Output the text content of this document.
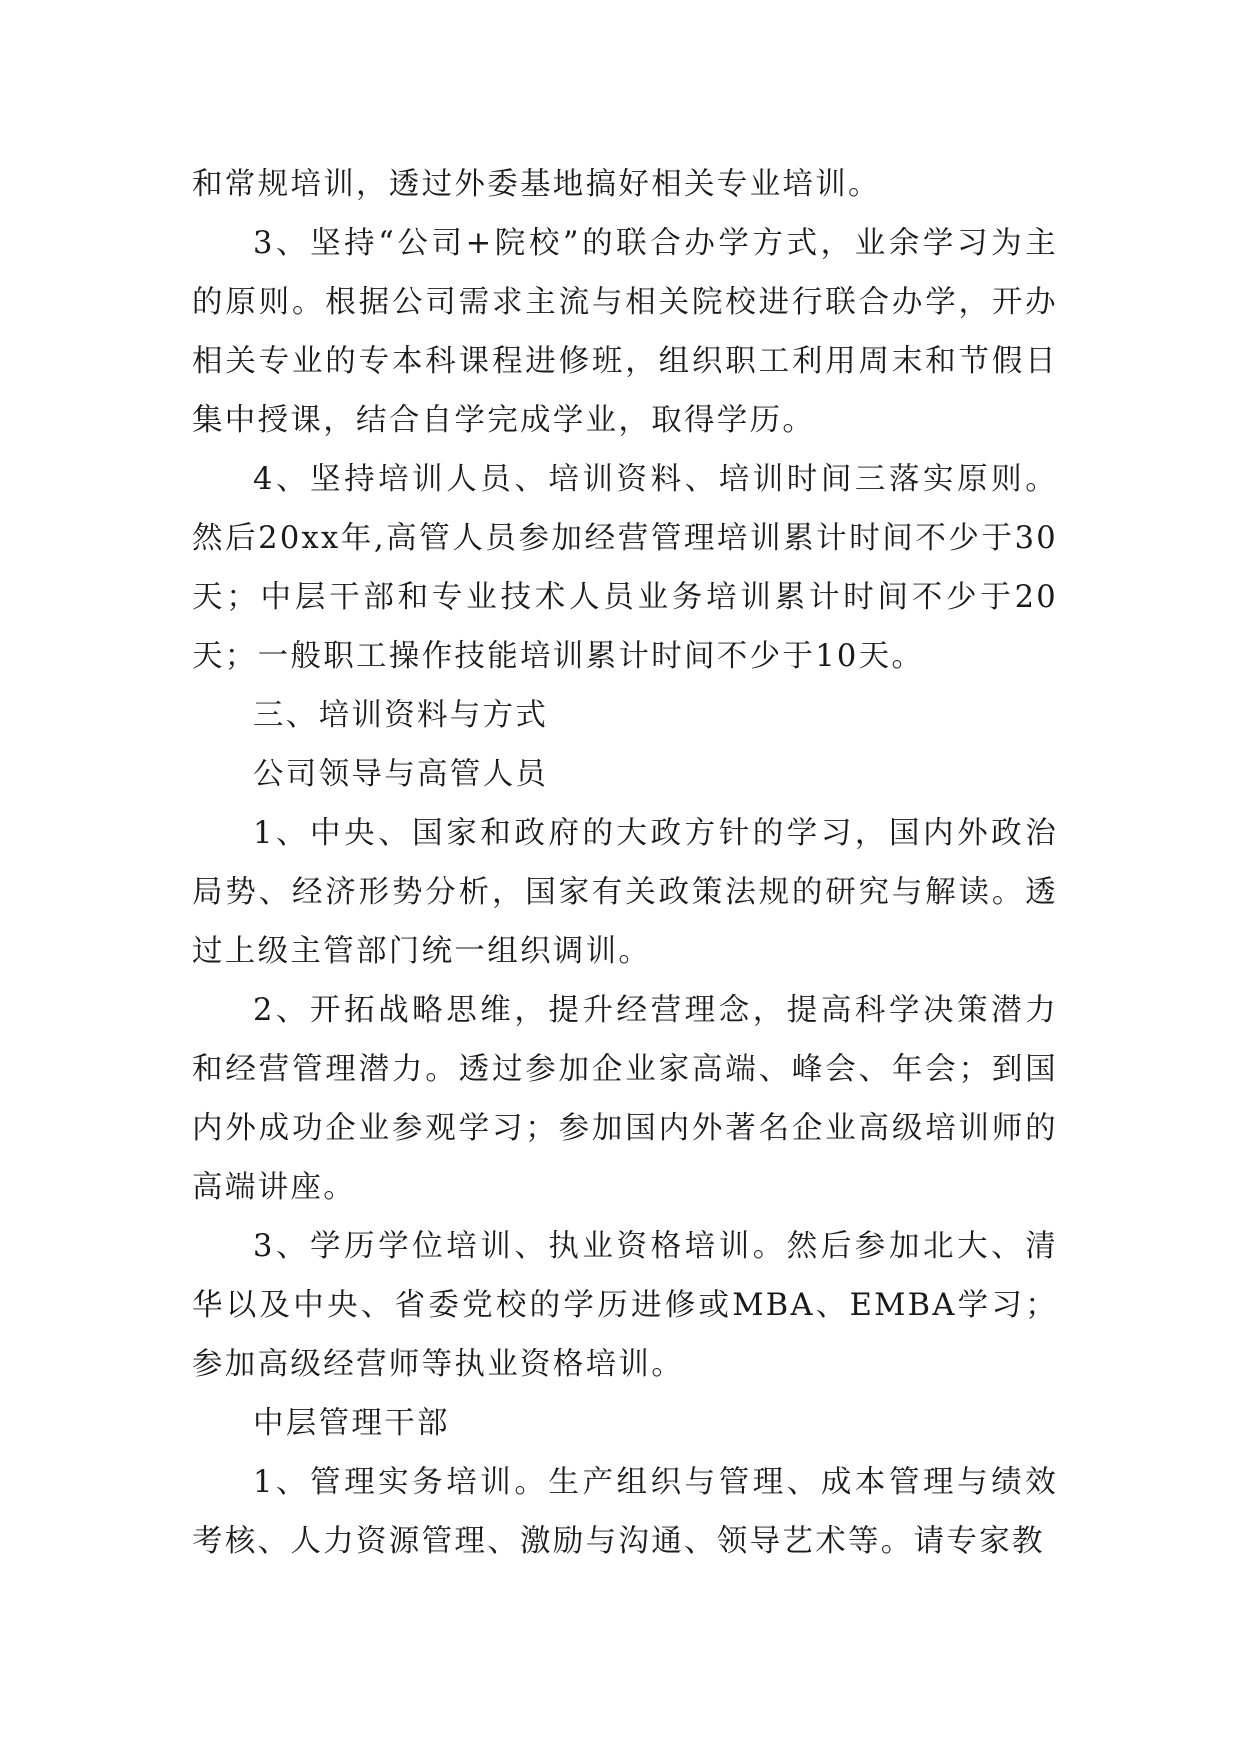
和常规培训，透过外委基地搞好相关专业培训。

3、坚持“公司+院校”的联合办学方式，业余学习为主的原则。根据公司需求主流与相关院校进行联合办学，开办相关专业的专本科课程进修班，组织职工利用周末和节假日集中授课，结合自学完成学业，取得学历。

4、坚持培训人员、培训资料、培训时间三落实原则。然后20xx年,高管人员参加经营管理培训累计时间不少于30天；中层干部和专业技术人员业务培训累计时间不少于20天；一般职工操作技能培训累计时间不少于10天。

三、培训资料与方式

公司领导与高管人员

1、中央、国家和政府的大政方针的学习，国内外政治局势、经济形势分析，国家有关政策法规的研究与解读。透过上级主管部门统一组织调训。

2、开拓战略思维，提升经营理念，提高科学决策潜力和经营管理潜力。透过参加企业家高端、峰会、年会；到国内外成功企业参观学习；参加国内外著名企业高级培训师的高端讲座。

3、学历学位培训、执业资格培训。然后参加北大、清华以及中央、省委党校的学历进修或MBA、EMBA学习；参加高级经营师等执业资格培训。

中层管理干部

1、管理实务培训。生产组织与管理、成本管理与绩效考核、人力资源管理、激励与沟通、领导艺术等。请专家教
